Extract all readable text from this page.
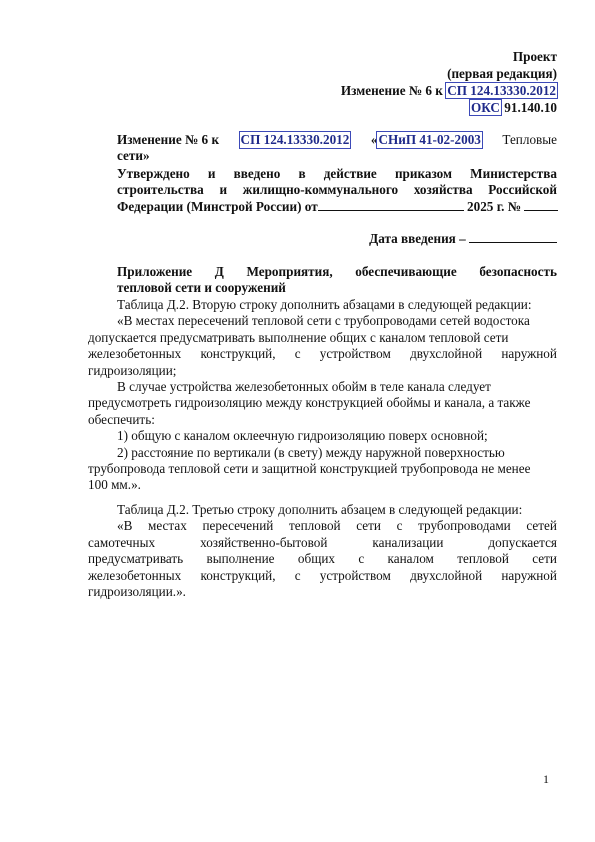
Проект
(первая редакция)
Изменение № 6 к СП 124.13330.2012
ОКС 91.140.10
Изменение № 6 к СП 124.13330.2012 «СНиП 41-02-2003 Тепловые
сети»
Утверждено и введено в действие приказом Министерства
строительства и жилищно-коммунального хозяйства Российской
Федерации (Минстрой России) от	2025 г. №
Дата введения –
Приложение Д Мероприятия, обеспечивающие безопасность
тепловой сети и сооружений
Таблица Д.2. Вторую строку дополнить абзацами в следующей редакции:
«В местах пересечений тепловой сети с трубопроводами сетей водостока
допускается предусматривать выполнение общих с каналом тепловой сети
железобетонных конструкций, с устройством двухслойной наружной
гидроизоляции;
В случае устройства железобетонных обойм в теле канала следует
предусмотреть гидроизоляцию между конструкцией обоймы и канала, а также
обеспечить:
1) общую с каналом оклеечную гидроизоляцию поверх основной;
2) расстояние по вертикали (в свету) между наружной поверхностью
трубопровода тепловой сети и защитной конструкцией трубопровода не менее
100 мм.».
Таблица Д.2. Третью строку дополнить абзацем в следующей редакции:
«В местах пересечений тепловой сети с трубопроводами сетей
самотечных	хозяйственно-бытовой	канализации	допускается
предусматривать выполнение общих с каналом тепловой сети
железобетонных конструкций, с устройством двухслойной наружной
гидроизоляции.».
1
